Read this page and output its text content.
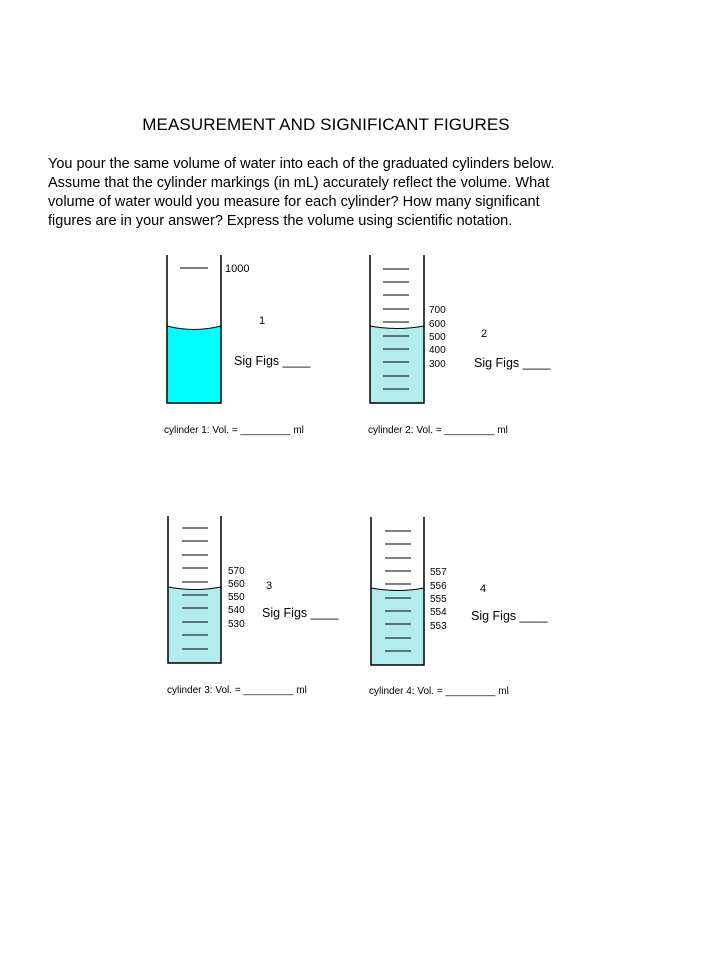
MEASUREMENT AND SIGNIFICANT FIGURES
You pour the same volume of water into each of the graduated cylinders below.
Assume that the cylinder markings (in mL) accurately reflect the volume. What
volume of water would you measure for each cylinder? How many significant
figures are in your answer? Express the volume using scientific notation.
1000
1
Sig Figs ____
cylinder 1: Vol. = _________ ml
700
600
500
400
300
2
Sig Figs ____
cylinder 2: Vol. = _________ ml
570
560
550
540
530
3
Sig Figs ____
cylinder 3: Vol. = _________ ml
557
556
555
554
553
4
Sig Figs ____
cylinder 4: Vol. = _________ ml
